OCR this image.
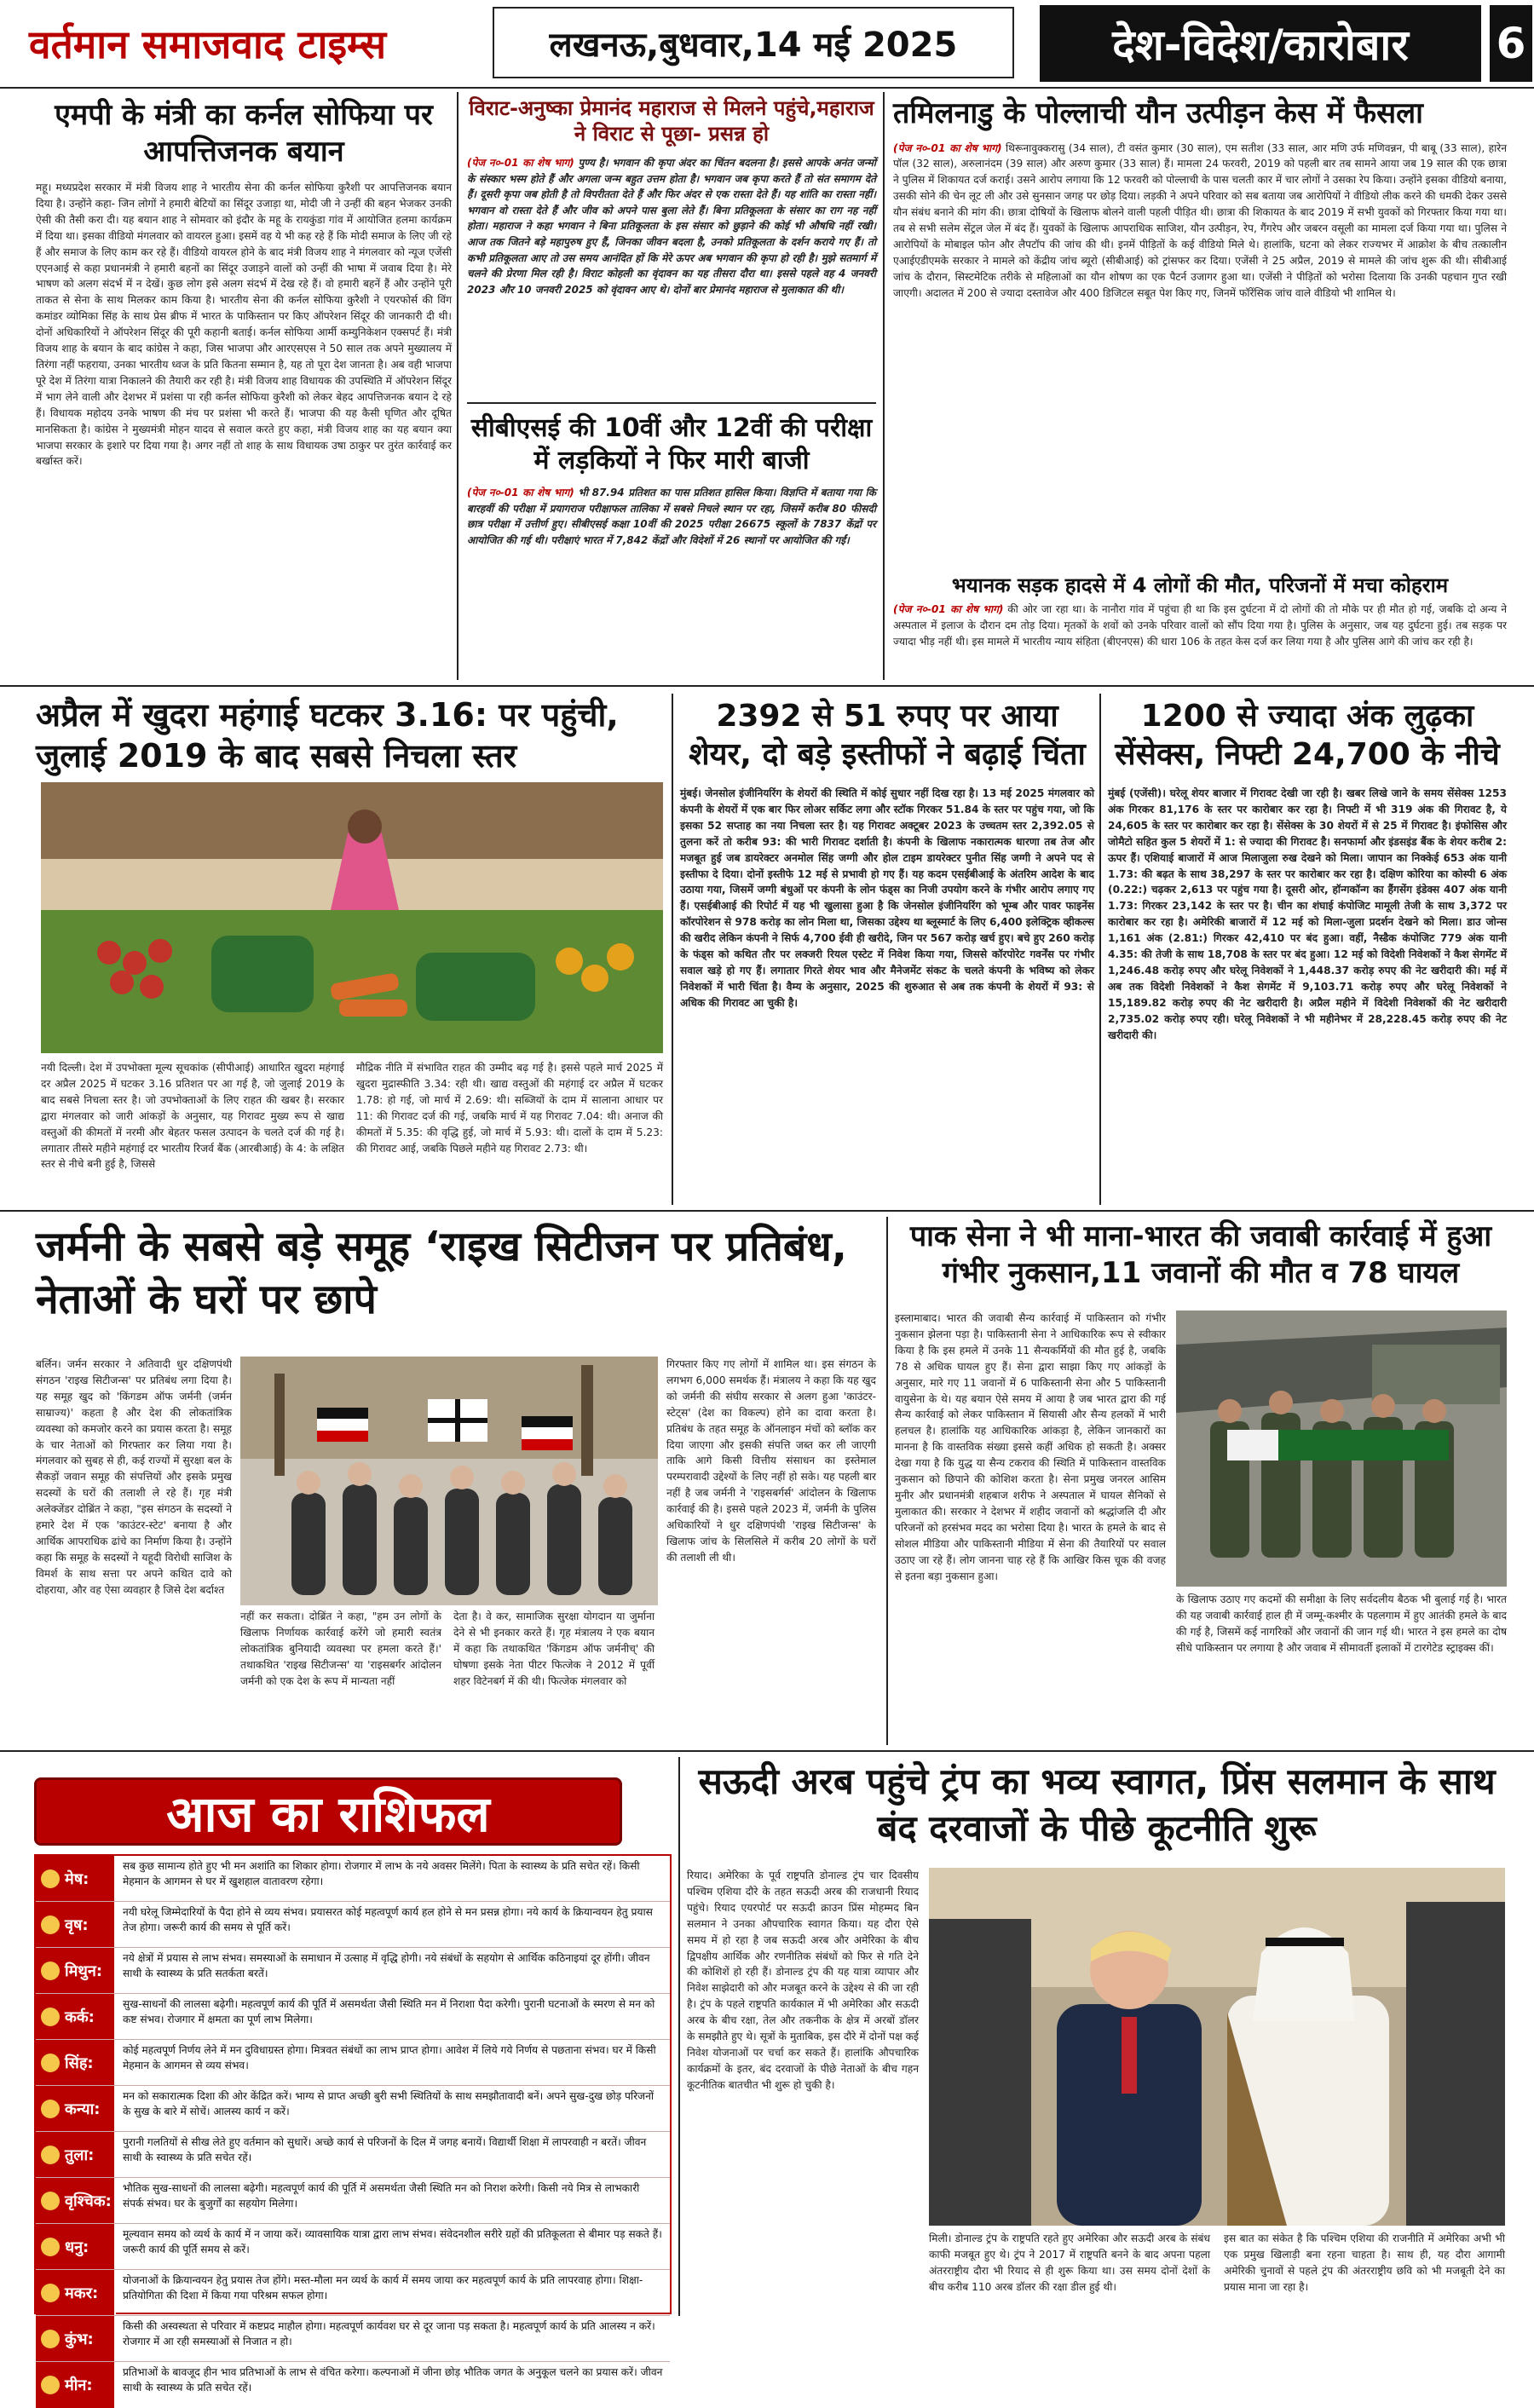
वर्तमान समाजवाद टाइम्स	लखनऊ,बुधवार,14 मई 2025	देश-विदेश/कारोबार	6
एमपी के मंत्री का कर्नल सोफिया पर आपत्तिजनक बयान
महू। मध्यप्रदेश सरकार में मंत्री विजय शाह ने भारतीय सेना की कर्नल सोफिया कुरैशी पर आपत्तिजनक बयान दिया है। उन्होंने कहा- जिन लोगों ने हमारी बेटियों का सिंदूर उजाड़ा था, मोदी जी ने उन्हीं की बहन भेजकर उनकी ऐसी की तैसी करा दी। यह बयान शाह ने सोमवार को इंदौर के महू के रायकुंडा गांव में आयोजित हलमा कार्यक्रम में दिया था। इसका वीडियो मंगलवार को वायरल हुआ। इसमें वह ये भी कह रहे हैं कि मोदी समाज के लिए जी रहे हैं और समाज के लिए काम कर रहे हैं। वीडियो वायरल होने के बाद मंत्री विजय शाह ने मंगलवार को न्यूज एजेंसी एएनआई से कहा प्रधानमंत्री ने हमारी बहनों का सिंदूर उजाड़ने वालों को उन्हीं की भाषा में जवाब दिया है। मेरे भाषण को अलग संदर्भ में न देखें। कुछ लोग इसे अलग संदर्भ में देख रहे हैं। वो हमारी बहनें हैं और उन्होंने पूरी ताकत से सेना के साथ मिलकर काम किया है। भारतीय सेना की कर्नल सोफिया कुरैशी ने एयरफोर्स की विंग कमांडर व्योमिका सिंह के साथ प्रेस ब्रीफ में भारत के पाकिस्तान पर किए ऑपरेशन सिंदूर की जानकारी दी थी। दोनों अधिकारियों ने ऑपरेशन सिंदूर की पूरी कहानी बताई। कर्नल सोफिया आर्मी कम्युनिकेशन एक्सपर्ट हैं। मंत्री विजय शाह के बयान के बाद कांग्रेस ने कहा, जिस भाजपा और आरएसएस ने 50 साल तक अपने मुख्यालय में तिरंगा नहीं फहराया, उनका भारतीय ध्वज के प्रति कितना सम्मान है, यह तो पूरा देश जानता है। अब वही भाजपा पूरे देश में तिरंगा यात्रा निकालने की तैयारी कर रही है। मंत्री विजय शाह विधायक की उपस्थिति में ऑपरेशन सिंदूर में भाग लेने वाली और देशभर में प्रशंसा पा रही कर्नल सोफिया कुरैशी को लेकर बेहद आपत्तिजनक बयान दे रहे हैं। विधायक महोदय उनके भाषण की मंच पर प्रशंसा भी करते हैं। भाजपा की यह कैसी घृणित और दूषित मानसिकता है। कांग्रेस ने मुख्यमंत्री मोहन यादव से सवाल करते हुए कहा, मंत्री विजय शाह का यह बयान क्या भाजपा सरकार के इशारे पर दिया गया है। अगर नहीं तो शाह के साथ विधायक उषा ठाकुर पर तुरंत कार्रवाई कर बर्खास्त करें।
विराट-अनुष्का प्रेमानंद महाराज से मिलने पहुंचे,महाराज ने विराट से पूछा- प्रसन्न हो
(पेज न०-01 का शेष भाग) पुण्य है। भगवान की कृपा अंदर का चिंतन बदलना है। इससे आपके अनंत जन्मों के संस्कार भस्म होते हैं और अगला जन्म बहुत उत्तम होता है। भगवान जब कृपा करते हैं तो संत समागम देते हैं। दूसरी कृपा जब होती है तो विपरीतता देते हैं और फिर अंदर से एक रास्ता देते हैं। यह शांति का रास्ता नहीं। भगवान वो रास्ता देते हैं और जीव को अपने पास बुला लेते हैं। बिना प्रतिकूलता के संसार का राग नह नहीं होता। महाराज ने कहा भगवान ने बिना प्रतिकूलता के इस संसार को छुड़ाने की कोई भी औषधि नहीं रखी। आज तक जितने बड़े महापुरुष हुए हैं, जिनका जीवन बदला है, उनको प्रतिकूलता के दर्शन कराये गए हैं। तो कभी प्रतिकूलता आए तो उस समय आनंदित हों कि मेरे ऊपर अब भगवान की कृपा हो रही है। मुझे सतमार्ग में चलने की प्रेरणा मिल रही है। विराट कोहली का वृंदावन का यह तीसरा दौरा था। इससे पहले वह 4 जनवरी 2023 और 10 जनवरी 2025 को वृंदावन आए थे। दोनों बार प्रेमानंद महाराज से मुलाकात की थी।
सीबीएसई की 10वीं और 12वीं की परीक्षा में लड़कियों ने फिर मारी बाजी
(पेज न०-01 का शेष भाग) भी 87.94 प्रतिशत का पास प्रतिशत हासिल किया। विज्ञप्ति में बताया गया कि बारहवीं की परीक्षा में प्रयागराज परीक्षाफल तालिका में सबसे निचले स्थान पर रहा, जिसमें करीब 80 फीसदी छात्र परीक्षा में उत्तीर्ण हुए। सीबीएसई कक्षा 10वीं की 2025 परीक्षा 26675 स्कूलों के 7837 केंद्रों पर आयोजित की गई थी। परीक्षाएं भारत में 7,842 केंद्रों और विदेशों में 26 स्थानों पर आयोजित की गईं।
तमिलनाडु के पोल्लाची यौन उत्पीड़न केस में फैसला
(पेज न०-01 का शेष भाग) थिरूनावुक्करासु (34 साल), टी वसंत कुमार (30 साल), एम सतीश (33 साल, आर मणि उर्फ मणिवन्नन, पी बाबू (33 साल), हारेन पॉल (32 साल), अरुलानंदम (39 साल) और अरुण कुमार (33 साल) हैं। मामला 24 फरवरी, 2019 को पहली बार तब सामने आया जब 19 साल की एक छात्रा ने पुलिस में शिकायत दर्ज कराई। उसने आरोप लगाया कि 12 फरवरी को पोल्लाची के पास चलती कार में चार लोगों ने उसका रेप किया। उन्होंने इसका वीडियो बनाया, उसकी सोने की चेन लूट ली और उसे सुनसान जगह पर छोड़ दिया। लड़की ने अपने परिवार को सब बताया जब आरोपियों ने वीडियो लीक करने की धमकी देकर उससे यौन संबंध बनाने की मांग की। छात्रा दोषियों के खिलाफ बोलने वाली पहली पीड़ित थी। छात्रा की शिकायत के बाद 2019 में सभी युवकों को गिरफ्तार किया गया था। तब से सभी सलेम सेंट्रल जेल में बंद हैं। युवकों के खिलाफ आपराधिक साजिश, यौन उत्पीड़न, रेप, गैंगरेप और जबरन वसूली का मामला दर्ज किया गया था। पुलिस ने आरोपियों के मोबाइल फोन और लैपटॉप की जांच की थी। इनमें पीड़ितों के कई वीडियो मिले थे। हालांकि, घटना को लेकर राज्यभर में आक्रोश के बीच तत्कालीन एआईएडीएमके सरकार ने मामले को केंद्रीय जांच ब्यूरो (सीबीआई) को ट्रांसफर कर दिया। एजेंसी ने 25 अप्रैल, 2019 से मामले की जांच शुरू की थी। सीबीआई जांच के दौरान, सिस्टमेटिक तरीके से महिलाओं का यौन शोषण का एक पैटर्न उजागर हुआ था। एजेंसी ने पीड़ितों को भरोसा दिलाया कि उनकी पहचान गुप्त रखी जाएगी। अदालत में 200 से ज्यादा दस्तावेज और 400 डिजिटल सबूत पेश किए गए, जिनमें फॉरेंसिक जांच वाले वीडियो भी शामिल थे।
भयानक सड़क हादसे में 4 लोगों की मौत, परिजनों में मचा कोहराम
(पेज न०-01 का शेष भाग) की ओर जा रहा था। के नानौरा गांव में पहुंचा ही था कि इस दुर्घटना में दो लोगों की तो मौके पर ही मौत हो गई, जबकि दो अन्य ने अस्पताल में इलाज के दौरान दम तोड़ दिया। मृतकों के शवों को उनके परिवार वालों को सौंप दिया गया है। पुलिस के अनुसार, जब यह दुर्घटना हुई। तब सड़क पर ज्यादा भीड़ नहीं थी। इस मामले में भारतीय न्याय संहिता (बीएनएस) की धारा 106 के तहत केस दर्ज कर लिया गया है और पुलिस आगे की जांच कर रही है।
अप्रैल में खुदरा महंगाई घटकर 3.16: पर पहुंची, जुलाई 2019 के बाद सबसे निचला स्तर
नयी दिल्ली। देश में उपभोक्ता मूल्य सूचकांक (सीपीआई) आधारित खुदरा महंगाई दर अप्रैल 2025 में घटकर 3.16 प्रतिशत पर आ गई है, जो जुलाई 2019 के बाद सबसे निचला स्तर है। जो उपभोक्ताओं के लिए राहत की खबर है। सरकार द्वारा मंगलवार को जारी आंकड़ों के अनुसार, यह गिरावट मुख्य रूप से खाद्य वस्तुओं की कीमतों में नरमी और बेहतर फसल उत्पादन के चलते दर्ज की गई है। लगातार तीसरे महीने महंगाई दर भारतीय रिजर्व बैंक (आरबीआई) के 4: के लक्षित स्तर से नीचे बनी हुई है, जिससे
मौद्रिक नीति में संभावित राहत की उम्मीद बढ़ गई है। इससे पहले मार्च 2025 में खुदरा मुद्रास्फीति 3.34: रही थी। खाद्य वस्तुओं की महंगाई दर अप्रैल में घटकर 1.78: हो गई, जो मार्च में 2.69: थी। सब्जियों के दाम में सालाना आधार पर 11: की गिरावट दर्ज की गई, जबकि मार्च में यह गिरावट 7.04: थी। अनाज की कीमतों में 5.35: की वृद्धि हुई, जो मार्च में 5.93: थी। दालों के दाम में 5.23: की गिरावट आई, जबकि पिछले महीने यह गिरावट 2.73: थी।
2392 से 51 रुपए पर आया शेयर, दो बड़े इस्तीफों ने बढ़ाई चिंता
मुंबई। जेनसोल इंजीनियरिंग के शेयरों की स्थिति में कोई सुधार नहीं दिख रहा है। 13 मई 2025 मंगलवार को कंपनी के शेयरों में एक बार फिर लोअर सर्किट लगा और स्टॉक गिरकर 51.84 के स्तर पर पहुंच गया, जो कि इसका 52 सप्ताह का नया निचला स्तर है। यह गिरावट अक्टूबर 2023 के उच्चतम स्तर 2,392.05 से तुलना करें तो करीब 93: की भारी गिरावट दर्शाती है। कंपनी के खिलाफ नकारात्मक धारणा तब तेज और मजबूत हुई जब डायरेक्टर अनमोल सिंह जग्गी और होल टाइम डायरेक्टर पुनीत सिंह जग्गी ने अपने पद से इस्तीफा दे दिया। दोनों इस्तीफे 12 मई से प्रभावी हो गए हैं। यह कदम एसईबीआई के अंतरिम आदेश के बाद उठाया गया, जिसमें जग्गी बंधुओं पर कंपनी के लोन फंड्स का निजी उपयोग करने के गंभीर आरोप लगाए गए हैं। एसईबीआई की रिपोर्ट में यह भी खुलासा हुआ है कि जेनसोल इंजीनियरिंग को भूम्ब और पावर फाइनेंस कॉरपोरेशन से 978 करोड़ का लोन मिला था, जिसका उद्देश्य था ब्लूस्मार्ट के लिए 6,400 इलेक्ट्रिक व्हीकल्स की खरीद लेकिन कंपनी ने सिर्फ 4,700 ईवी ही खरीदे, जिन पर 567 करोड़ खर्च हुए। बचे हुए 260 करोड़ के फंड्स को कथित तौर पर लक्जरी रियल एस्टेट में निवेश किया गया, जिससे कॉरपोरेट गवर्नेंस पर गंभीर सवाल खड़े हो गए हैं। लगातार गिरते शेयर भाव और मैनेजमेंट संकट के चलते कंपनी के भविष्य को लेकर निवेशकों में भारी चिंता है। वैम्य के अनुसार, 2025 की शुरुआत से अब तक कंपनी के शेयरों में 93: से अधिक की गिरावट आ चुकी है।
1200 से ज्यादा अंक लुढ़का सेंसेक्स, निफ्टी 24,700 के नीचे
मुंबई (एजेंसी)। घरेलू शेयर बाजार में गिरावट देखी जा रही है। खबर लिखे जाने के समय सेंसेक्स 1253 अंक गिरकर 81,176 के स्तर पर कारोबार कर रहा है। निफ्टी में भी 319 अंक की गिरावट है, ये 24,605 के स्तर पर कारोबार कर रहा है। सेंसेक्स के 30 शेयरों में से 25 में गिरावट है। इंफोसिस और जोमैटो सहित कुल 5 शेयरों में 1: से ज्यादा की गिरावट है। सनफार्मा और इंडसइंड बैंक के शेयर करीब 2: ऊपर हैं। एशियाई बाजारों में आज मिलाजुला रुख देखने को मिला। जापान का निक्केई 653 अंक यानी 1.73: की बढ़त के साथ 38,297 के स्तर पर कारोबार कर रहा है। दक्षिण कोरिया का कोस्पी 6 अंक (0.22:) चढ़कर 2,613 पर पहुंच गया है। दूसरी ओर, हॉन्गकॉन्ग का हैंगसेंग इंडेक्स 407 अंक यानी 1.73: गिरकर 23,142 के स्तर पर है। चीन का शंघाई कंपोजिट मामूली तेजी के साथ 3,372 पर कारोबार कर रहा है। अमेरिकी बाजारों में 12 मई को मिला-जुला प्रदर्शन देखने को मिला। डाउ जोन्स 1,161 अंक (2.81:) गिरकर 42,410 पर बंद हुआ। वहीं, नैस्डैक कंपोजिट 779 अंक यानी 4.35: की तेजी के साथ 18,708 के स्तर पर बंद हुआ। 12 मई को विदेशी निवेशकों ने कैश सेगमेंट में 1,246.48 करोड़ रुपए और घरेलू निवेशकों ने 1,448.37 करोड़ रुपए की नेट खरीदारी की। मई में अब तक विदेशी निवेशकों ने कैश सेगमेंट में 9,103.71 करोड़ रुपए और घरेलू निवेशकों ने 15,189.82 करोड़ रुपए की नेट खरीदारी है। अप्रैल महीने में विदेशी निवेशकों की नेट खरीदारी 2,735.02 करोड़ रुपए रही। घरेलू निवेशकों ने भी महीनेभर में 28,228.45 करोड़ रुपए की नेट खरीदारी की।
जर्मनी के सबसे बड़े समूह ‘राइख सिटीजन पर प्रतिबंध, नेताओं के घरों पर छापे
बर्लिन। जर्मन सरकार ने अतिवादी धुर दक्षिणपंथी संगठन 'राइख सिटीजन्स' पर प्रतिबंध लगा दिया है। यह समूह खुद को 'किंगडम ऑफ जर्मनी (जर्मन साम्राज्य)' कहता है और देश की लोकतांत्रिक व्यवस्था को कमजोर करने का प्रयास करता है। समूह के चार नेताओं को गिरफ्तार कर लिया गया है। मंगलवार को सुबह से ही, कई राज्यों में सुरक्षा बल के सैकड़ों जवान समूह की संपत्तियों और इसके प्रमुख सदस्यों के घरों की तलाशी ले रहे हैं। गृह मंत्री अलेक्जेंडर दोब्रिंत ने कहा, "इस संगठन के सदस्यों ने हमारे देश में एक 'काउंटर-स्टेट' बनाया है और आर्थिक आपराधिक ढांचे का निर्माण किया है। उन्होंने कहा कि समूह के सदस्यों ने यहूदी विरोधी साजिश के विमर्श के साथ सत्ता पर अपने कथित दावे को दोहराया, और वह ऐसा व्यवहार है जिसे देश बर्दाश्त
नहीं कर सकता। दोब्रिंत ने कहा, "हम उन लोगों के खिलाफ निर्णायक कार्रवाई करेंगे जो हमारी स्वतंत्र लोकतांत्रिक बुनियादी व्यवस्था पर हमला करते हैं।' तथाकथित 'राइख सिटीजन्स' या 'राइसबर्गर आंदोलन जर्मनी को एक देश के रूप में मान्यता नहीं
देता है। वे कर, सामाजिक सुरक्षा योगदान या जुर्माना देने से भी इनकार करते हैं। गृह मंत्रालय ने एक बयान में कहा कि तथाकथित 'किंगडम ऑफ जर्मनीच्' की घोषणा इसके नेता पीटर फित्जेक ने 2012 में पूर्वी शहर विटेनबर्ग में की थी। फित्जेक मंगलवार को
गिरफ्तार किए गए लोगों में शामिल था। इस संगठन के लगभग 6,000 समर्थक हैं। मंत्रालय ने कहा कि यह खुद को जर्मनी की संघीय सरकार से अलग हुआ 'काउंटर-स्टेट्स' (देश का विकल्प) होने का दावा करता है। प्रतिबंध के तहत समूह के ऑनलाइन मंचों को ब्लॉक कर दिया जाएगा और इसकी संपत्ति जब्त कर ली जाएगी ताकि आगे किसी वित्तीय संसाधन का इस्तेमाल परम्परावादी उद्देश्यों के लिए नहीं हो सके। यह पहली बार नहीं है जब जर्मनी ने 'राइसबर्गर्स' आंदोलन के खिलाफ कार्रवाई की है। इससे पहले 2023 में, जर्मनी के पुलिस अधिकारियों ने धुर दक्षिणपंथी 'राइख सिटीजन्स' के खिलाफ जांच के सिलसिले में करीब 20 लोगों के घरों की तलाशी ली थी।
पाक सेना ने भी माना-भारत की जवाबी कार्रवाई में हुआ गंभीर नुकसान,11 जवानों की मौत व 78 घायल
इस्लामाबाद। भारत की जवाबी सैन्य कार्रवाई में पाकिस्तान को गंभीर नुकसान झेलना पड़ा है। पाकिस्तानी सेना ने आधिकारिक रूप से स्वीकार किया है कि इस हमले में उनके 11 सैन्यकर्मियों की मौत हुई है, जबकि 78 से अधिक घायल हुए हैं। सेना द्वारा साझा किए गए आंकड़ों के अनुसार, मारे गए 11 जवानों में 6 पाकिस्तानी सेना और 5 पाकिस्तानी वायुसेना के थे। यह बयान ऐसे समय में आया है जब भारत द्वारा की गई सैन्य कार्रवाई को लेकर पाकिस्तान में सियासी और सैन्य हलकों में भारी हलचल है। हालांकि यह आधिकारिक आंकड़ा है, लेकिन जानकारों का मानना है कि वास्तविक संख्या इससे कहीं अधिक हो सकती है। अक्सर देखा गया है कि युद्ध या सैन्य टकराव की स्थिति में पाकिस्तान वास्तविक नुकसान को छिपाने की कोशिश करता है। सेना प्रमुख जनरल आसिम मुनीर और प्रधानमंत्री शहबाज शरीफ ने अस्पताल में घायल सैनिकों से मुलाकात की। सरकार ने देशभर में शहीद जवानों को श्रद्धांजलि दी और परिजनों को हरसंभव मदद का भरोसा दिया है। भारत के हमले के बाद से सोशल मीडिया और पाकिस्तानी मीडिया में सेना की तैयारियों पर सवाल उठाए जा रहे हैं। लोग जानना चाह रहे हैं कि आखिर किस चूक की वजह से इतना बड़ा नुकसान हुआ।
के खिलाफ उठाए गए कदमों की समीक्षा के लिए सर्वदलीय बैठक भी बुलाई गई है। भारत की यह जवाबी कार्रवाई हाल ही में जम्मू-कश्मीर के पहलगाम में हुए आतंकी हमले के बाद की गई है, जिसमें कई नागरिकों और जवानों की जान गई थी। भारत ने इस हमले का दोष सीधे पाकिस्तान पर लगाया है और जवाब में सीमावर्ती इलाकों में टारगेटेड स्ट्राइक्स कीं।
आज का राशिफल
मेष:
सब कुछ सामान्य होते हुए भी मन अशांति का शिकार होगा। रोजगार में लाभ के नये अवसर मिलेंगे। पिता के स्वास्थ्य के प्रति सचेत रहें। किसी मेहमान के आगमन से घर में खुशहाल वातावरण रहेगा।
वृष:
नयी घरेलू जिम्मेदारियों के पैदा होने से व्यय संभव। प्रयासरत कोई महत्वपूर्ण कार्य हल होने से मन प्रसन्न होगा। नये कार्य के क्रियान्वयन हेतु प्रयास तेज होगा। जरूरी कार्य की समय से पूर्ति करें।
मिथुन:
नये क्षेत्रों में प्रयास से लाभ संभव। समस्याओं के समाधान में उत्साह में वृद्धि होगी। नये संबंधों के सहयोग से आर्थिक कठिनाइयां दूर होंगी। जीवन साथी के स्वास्थ्य के प्रति सतर्कता बरतें।
कर्क:
सुख-साधनों की लालसा बढ़ेगी। महत्वपूर्ण कार्य की पूर्ति में असमर्थता जैसी स्थिति मन में निराशा पैदा करेगी। पुरानी घटनाओं के स्मरण से मन को कष्ट संभव। रोजगार में क्षमता का पूर्ण लाभ मिलेगा।
सिंह:
कोई महत्वपूर्ण निर्णय लेने में मन दुविधाग्रस्त होगा। मित्रवत संबंधों का लाभ प्राप्त होगा। आवेश में लिये गये निर्णय से पछताना संभव। घर में किसी मेहमान के आगमन से व्यय संभव।
कन्या:
मन को सकारात्मक दिशा की ओर केंद्रित करें। भाग्य से प्राप्त अच्छी बुरी सभी स्थितियों के साथ समझौतावादी बनें। अपने सुख-दुख छोड़ परिजनों के सुख के बारे में सोचें। आलस्य कार्य न करें।
तुला:
पुरानी गलतियों से सीख लेते हुए वर्तमान को सुधारें। अच्छे कार्य से परिजनों के दिल में जगह बनायें। विद्यार्थी शिक्षा में लापरवाही न बरतें। जीवन साथी के स्वास्थ्य के प्रति सचेत रहें।
वृश्चिक:
भौतिक सुख-साधनों की लालसा बढ़ेगी। महत्वपूर्ण कार्य की पूर्ति में असमर्थता जैसी स्थिति मन को निराश करेगी। किसी नये मित्र से लाभकारी संपर्क संभव। घर के बुजुर्गों का सहयोग मिलेगा।
धनु:
मूल्यवान समय को व्यर्थ के कार्य में न जाया करें। व्यावसायिक यात्रा द्वारा लाभ संभव। संवेदनशील सरीरे ग्रहों की प्रतिकूलता से बीमार पड़ सकते हैं। जरूरी कार्य की पूर्ति समय से करें।
मकर:
योजनाओं के क्रियान्वयन हेतु प्रयास तेज होंगे। मस्त-मौला मन व्यर्थ के कार्य में समय जाया कर महत्वपूर्ण कार्य के प्रति लापरवाह होगा। शिक्षा-प्रतियोगिता की दिशा में किया गया परिश्रम सफल होगा।
कुंभ:
किसी की अस्वस्थता से परिवार में कष्टप्रद माहौल होगा। महत्वपूर्ण कार्यवश घर से दूर जाना पड़ सकता है। महत्वपूर्ण कार्य के प्रति आलस्य न करें। रोजगार में आ रही समस्याओं से निजात न हो।
मीन:
प्रतिभाओं के बावजूद हीन भाव प्रतिभाओं के लाभ से वंचित करेगा। कल्पनाओं में जीना छोड़ भौतिक जगत के अनुकूल चलने का प्रयास करें। जीवन साथी के स्वास्थ्य के प्रति सचेत रहें।
सऊदी अरब पहुंचे ट्रंप का भव्य स्वागत, प्रिंस सलमान के साथ बंद दरवाजों के पीछे कूटनीति शुरू
रियाद। अमेरिका के पूर्व राष्ट्रपति डोनाल्ड ट्रंप चार दिवसीय पश्चिम एशिया दौरे के तहत सऊदी अरब की राजधानी रियाद पहुंचे। रियाद एयरपोर्ट पर सऊदी क्राउन प्रिंस मोहम्मद बिन सलमान ने उनका औपचारिक स्वागत किया। यह दौरा ऐसे समय में हो रहा है जब सऊदी अरब और अमेरिका के बीच द्विपक्षीय आर्थिक और रणनीतिक संबंधों को फिर से गति देने की कोशिशें हो रही हैं। डोनाल्ड ट्रंप की यह यात्रा व्यापार और निवेश साझेदारी को और मजबूत करने के उद्देश्य से की जा रही है। ट्रंप के पहले राष्ट्रपति कार्यकाल में भी अमेरिका और सऊदी अरब के बीच रक्षा, तेल और तकनीक के क्षेत्र में अरबों डॉलर के समझौते हुए थे। सूत्रों के मुताबिक, इस दौरे में दोनों पक्ष कई निवेश योजनाओं पर चर्चा कर सकते हैं। हालांकि औपचारिक कार्यक्रमों के इतर, बंद दरवाजों के पीछे नेताओं के बीच गहन कूटनीतिक बातचीत भी शुरू हो चुकी है।
मिली। डोनाल्ड ट्रंप के राष्ट्रपति रहते हुए अमेरिका और सऊदी अरब के संबंध काफी मजबूत हुए थे। ट्रंप ने 2017 में राष्ट्रपति बनने के बाद अपना पहला अंतरराष्ट्रीय दौरा भी रियाद से ही शुरू किया था। उस समय दोनों देशों के बीच करीब 110 अरब डॉलर की रक्षा डील हुई थी।
इस बात का संकेत है कि पश्चिम एशिया की राजनीति में अमेरिका अभी भी एक प्रमुख खिलाड़ी बना रहना चाहता है। साथ ही, यह दौरा आगामी अमेरिकी चुनावों से पहले ट्रंप की अंतरराष्ट्रीय छवि को भी मजबूती देने का प्रयास माना जा रहा है।
